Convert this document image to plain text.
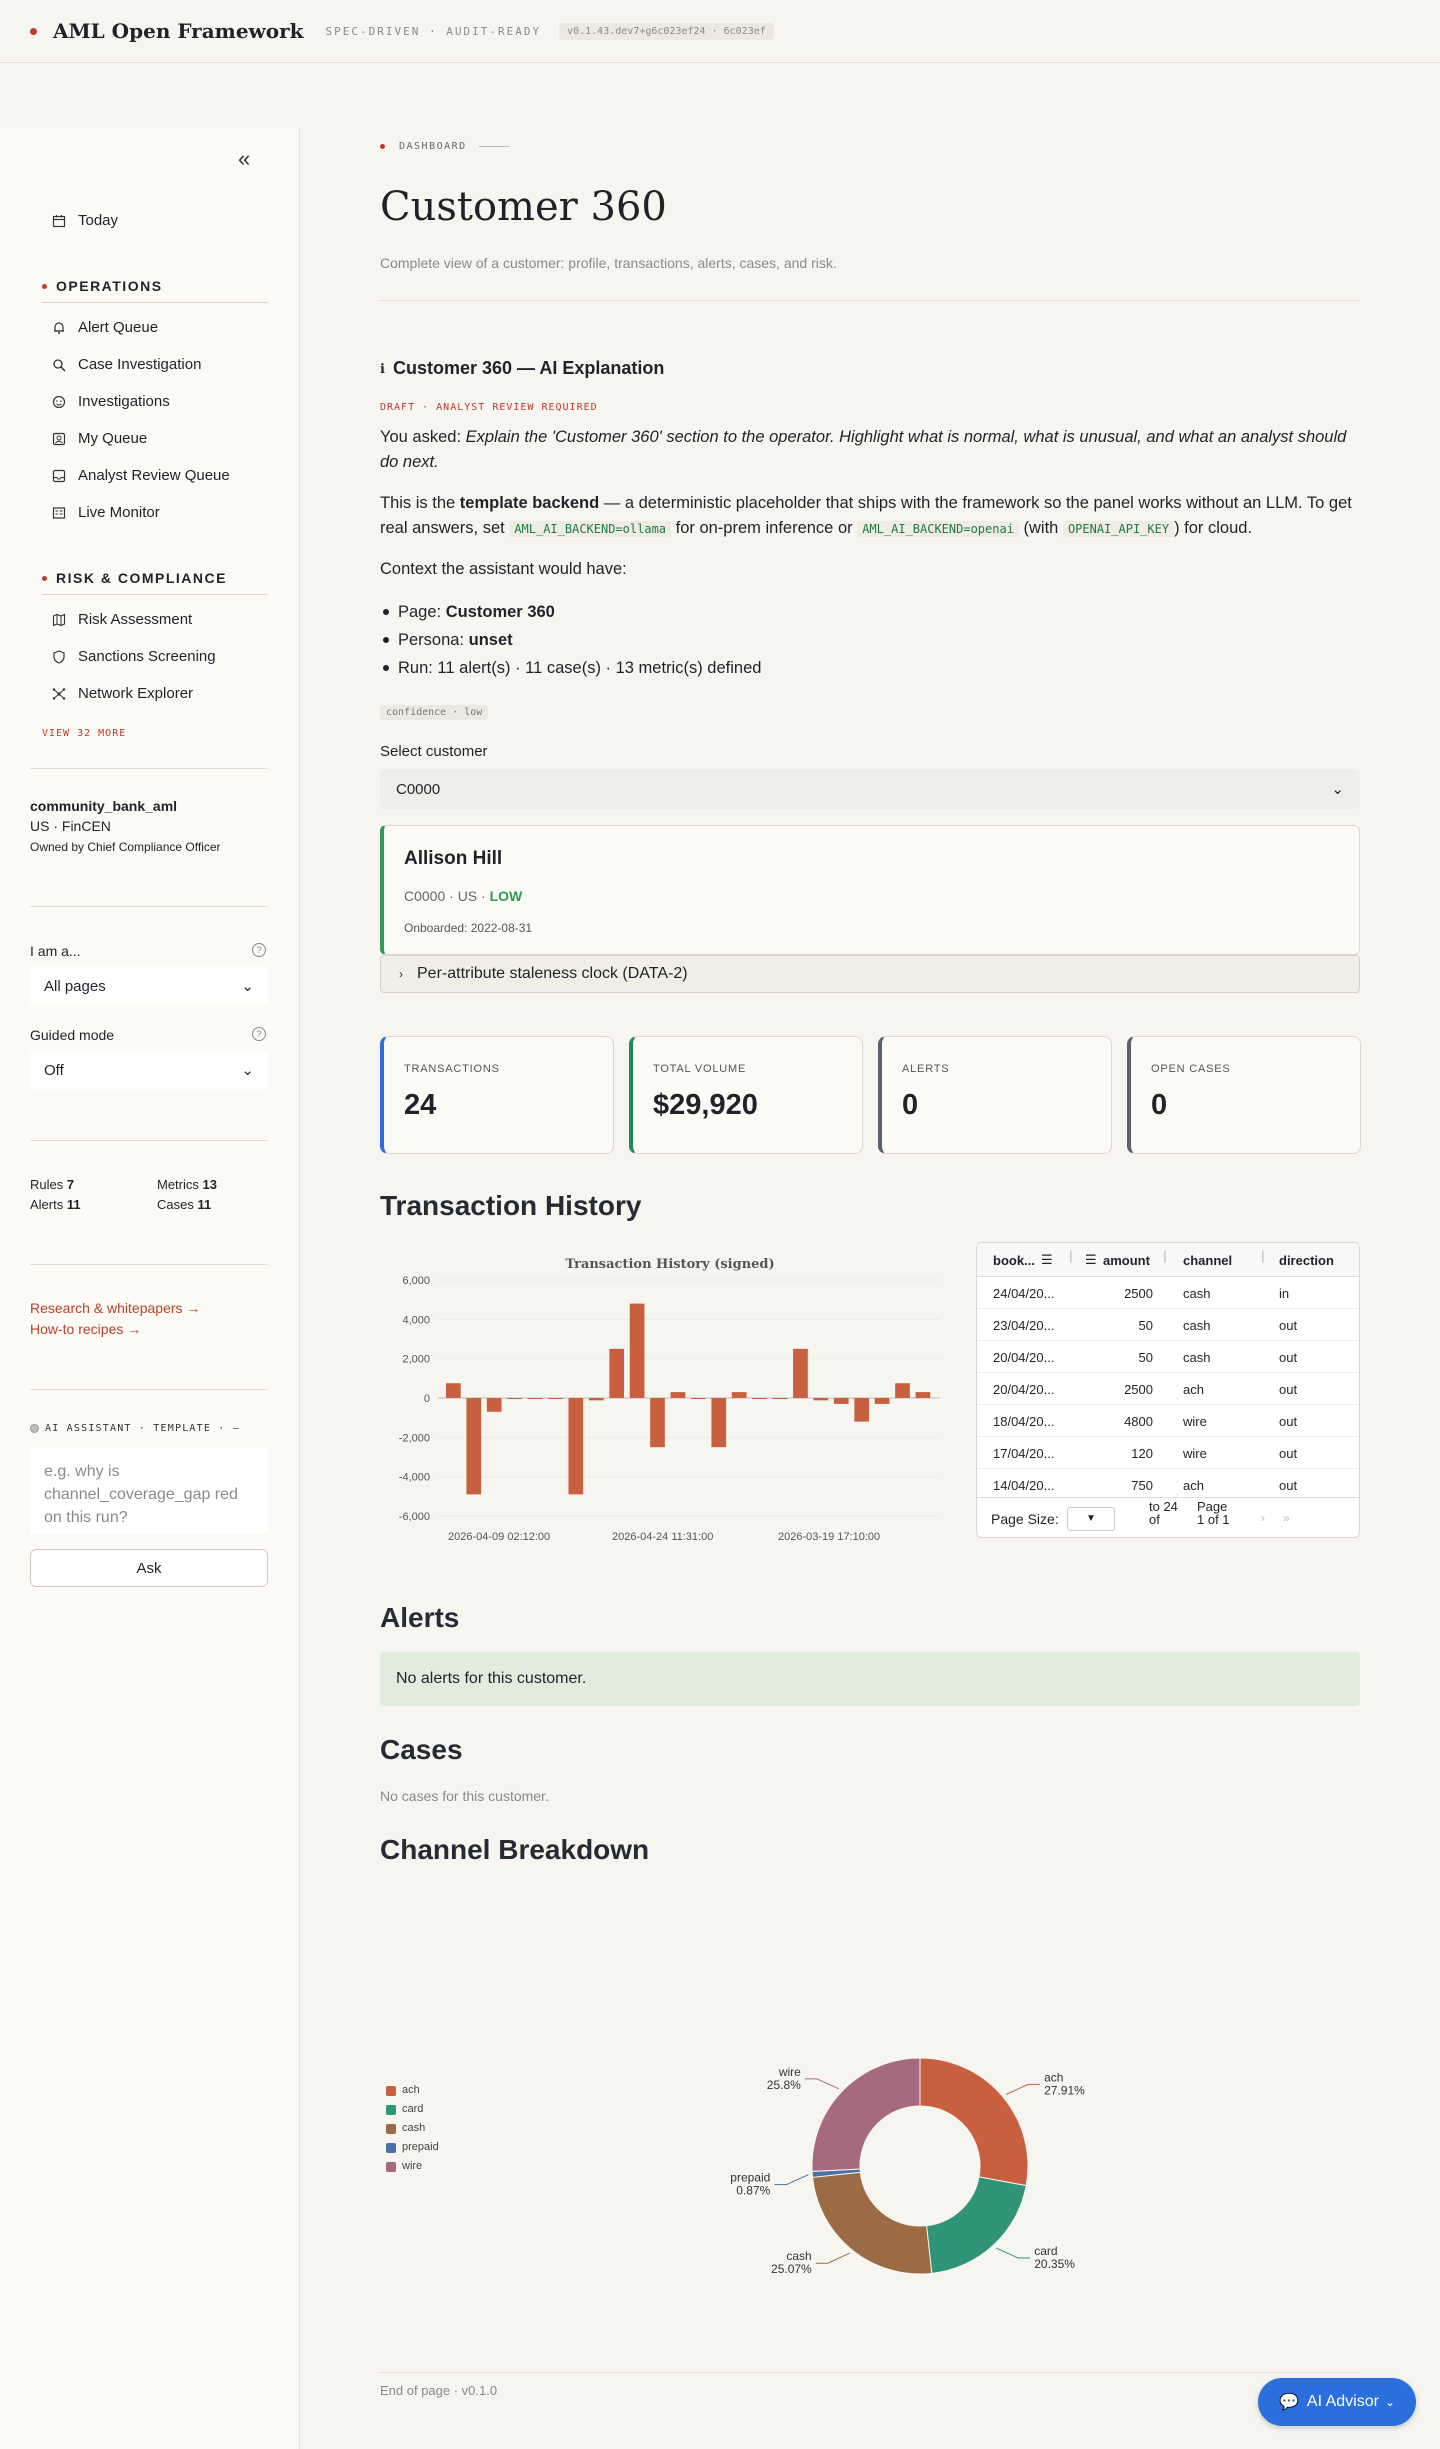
AML Open Framework SPEC-DRIVEN · AUDIT-READY	v0.1.43.dev7+g6c023ef24 · 6c023ef
«
Today
OPERATIONS
Alert Queue
Case Investigation
Investigations
My Queue
Analyst Review Queue
Live Monitor
RISK & COMPLIANCE
Risk Assessment
Sanctions Screening
Network Explorer
VIEW 32 MORE
community_bank_aml
US · FinCEN
Owned by Chief Compliance Officer
I am a...	?
All pages	⌄
Guided mode	?
Off	⌄
Rules 7	Metrics 13
Alerts 11	Cases 11
Research & whitepapers →
How-to recipes →
AI ASSISTANT · TEMPLATE · —
e.g. why is channel_coverage_gap red on this run?
Ask
DASHBOARD
Customer 360
Complete view of a customer: profile, transactions, alerts, cases, and risk.
ℹ Customer 360 — AI Explanation
DRAFT · ANALYST REVIEW REQUIRED
You asked: Explain the 'Customer 360' section to the operator. Highlight what is normal, what is unusual, and what an analyst should do next.
This is the template backend — a deterministic placeholder that ships with the framework so the panel works without an LLM. To get real answers, set AML_AI_BACKEND=ollama for on-prem inference or AML_AI_BACKEND=openai (with OPENAI_API_KEY ) for cloud.
Context the assistant would have:
Page: Customer 360
Persona: unset
Run: 11 alert(s) · 11 case(s) · 13 metric(s) defined
confidence · low
Select customer
C0000	⌄
Allison Hill
C0000 · US · LOW
Onboarded: 2022-08-31
› Per-attribute staleness clock (DATA-2)
TRANSACTIONS
24
TOTAL VOLUME
$29,920
ALERTS
0
OPEN CASES
0
Transaction History
Transaction History (signed)
6,000
4,000
2,000
0
-2,000
-4,000
-6,000
2026-04-09 02:12:00	2026-04-24 11:31:00	2026-03-19 17:10:00
book... ☰ | ☰ amount | channel | direction
24/04/20...	2500 cash	in
23/04/20...	50 cash	out
20/04/20...	50 cash	out
20/04/20...	2500 ach	out
18/04/20...	4800 wire	out
17/04/20...	120 wire	out
14/04/20...	750 ach	out
Page Size:	▼
to 24 of
Page 1 of 1	› »
Alerts
No alerts for this customer.
Cases
No cases for this customer.
Channel Breakdown
ach
27.91%
card
20.35%
cash
25.07%
prepaid
0.87%
wire
25.8%
ach
card
cash
prepaid
wire
End of page · v0.1.0
💬 AI Advisor ⌄
